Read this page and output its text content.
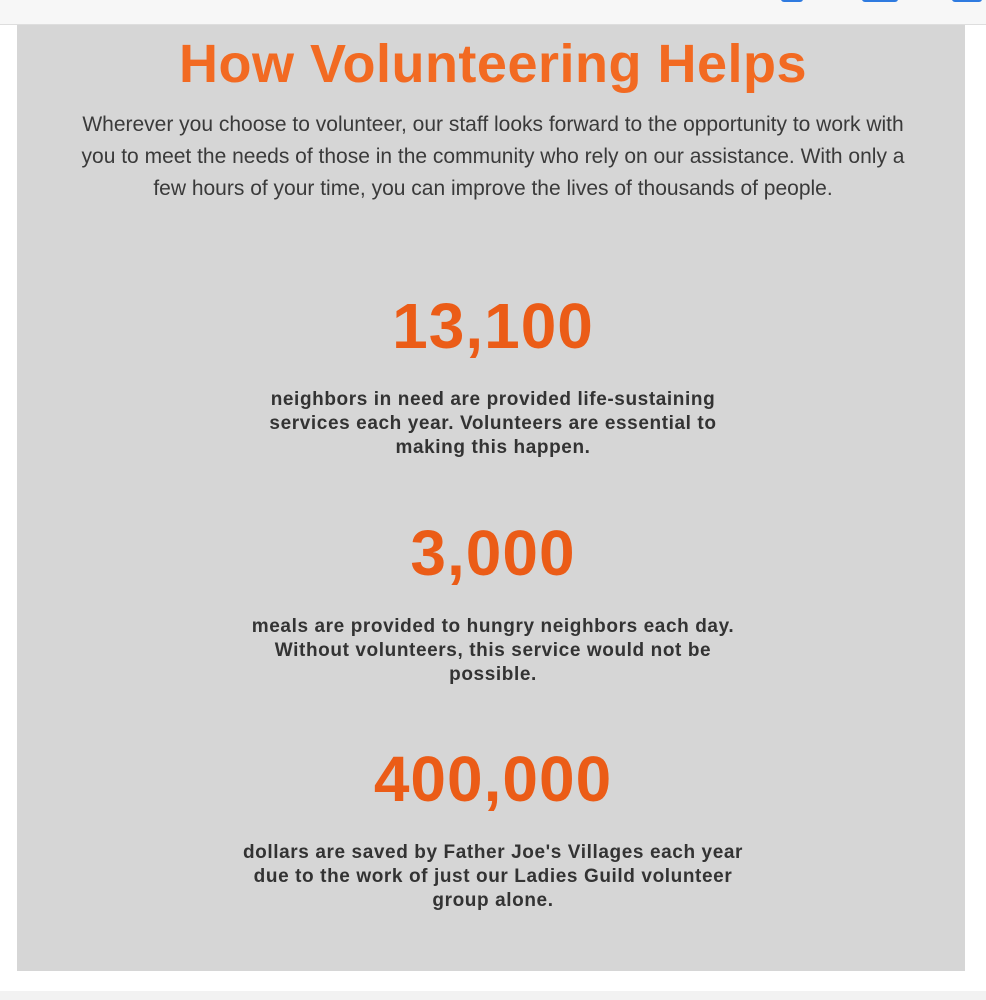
How Volunteering Helps

Wherever you choose to volunteer, our staff looks forward to the opportunity to work with you to meet the needs of those in the community who rely on our assistance. With only a few hours of your time, you can improve the lives of thousands of people.

13,100

neighbors in need are provided life-sustaining services each year. Volunteers are essential to making this happen.

3,000

meals are provided to hungry neighbors each day. Without volunteers, this service would not be possible.

400,000

dollars are saved by Father Joe's Villages each year due to the work of just our Ladies Guild volunteer group alone.
